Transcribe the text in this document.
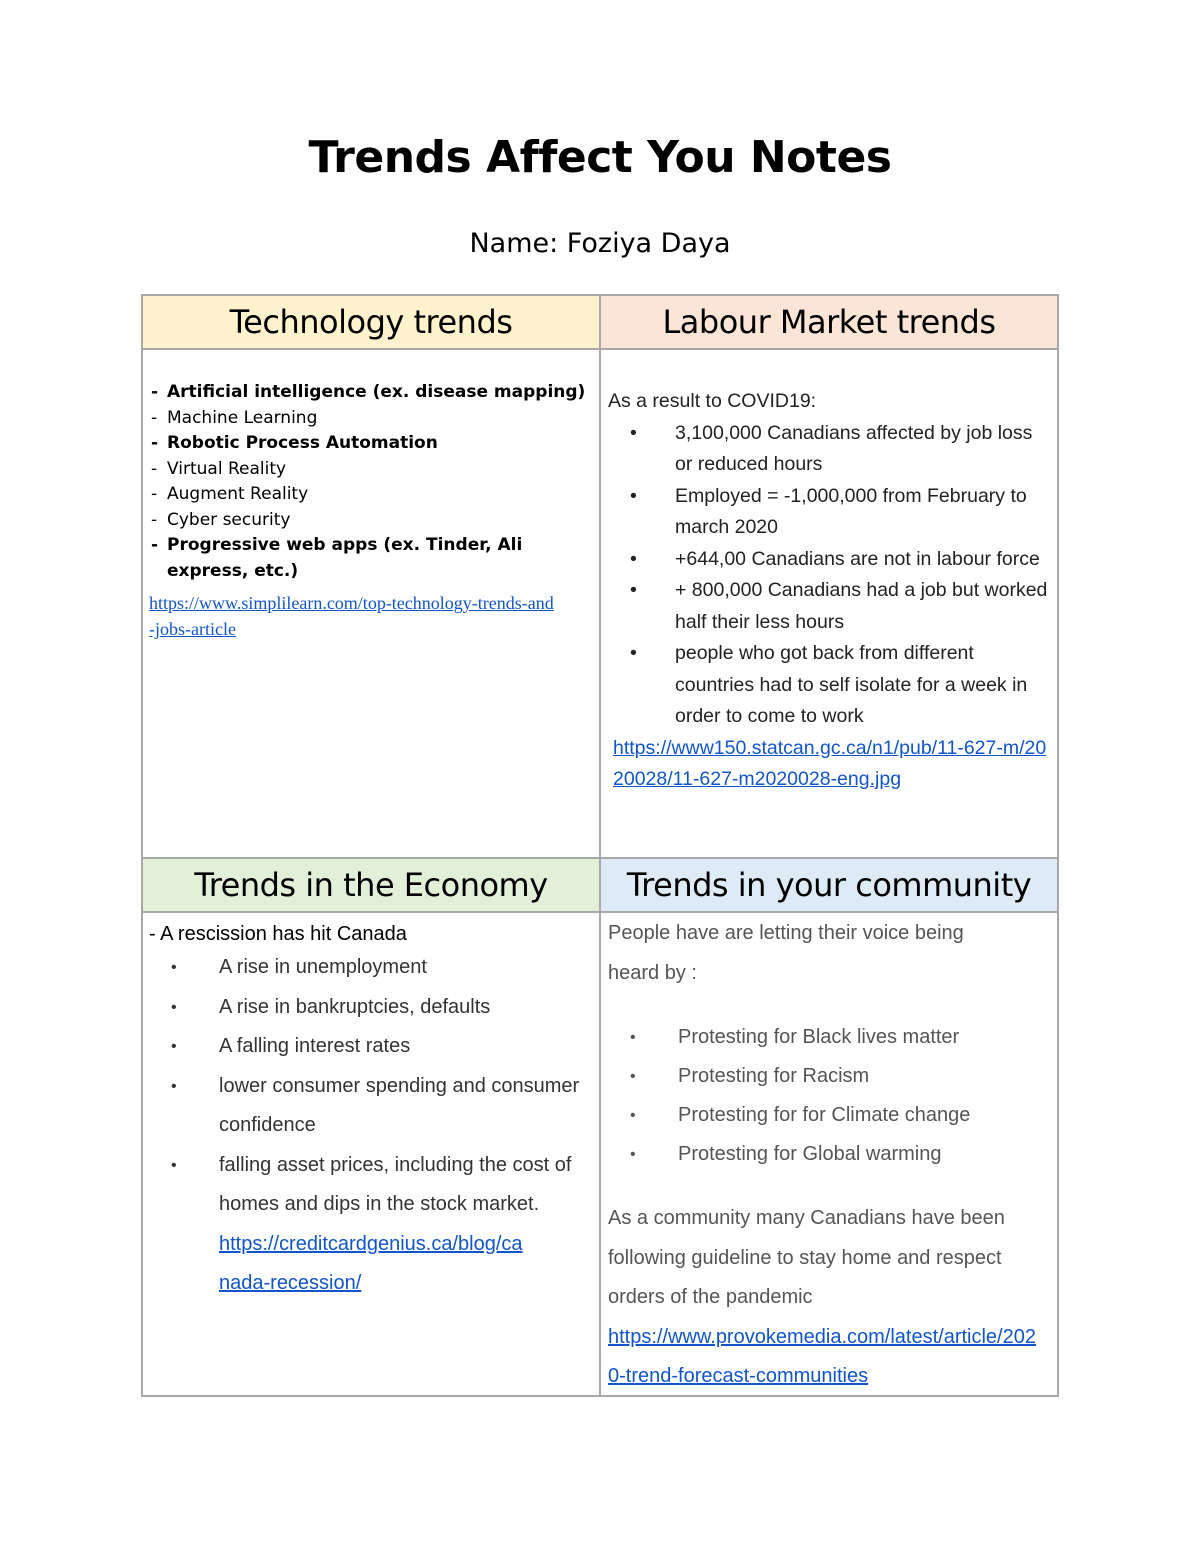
Trends Affect You Notes
Name: Foziya Daya
Technology trends	Labour Market trends
Trends in the Economy	Trends in your community
- Artificial intelligence (ex. disease mapping)
- Machine Learning
- Robotic Process Automation
- Virtual Reality
- Augment Reality
- Cyber security
- Progressive web apps (ex. Tinder, Ali express, etc.)
https://www.simplilearn.com/top-technology-trends-and-jobs-article
As a result to COVID19:
• 3,100,000 Canadians affected by job loss or reduced hours
• Employed = -1,000,000 from February to march 2020
• +644,00 Canadians are not in labour force
• + 800,000 Canadians had a job but worked half their less hours
• people who got back from different countries had to self isolate for a week in order to come to work
https://www150.statcan.gc.ca/n1/pub/11-627-m/2020028/11-627-m2020028-eng.jpg
- A rescission has hit Canada
• A rise in unemployment
• A rise in bankruptcies, defaults
• A falling interest rates
• lower consumer spending and consumer confidence
• falling asset prices, including the cost of homes and dips in the stock market.
https://creditcardgenius.ca/blog/canada-recession/
People have are letting their voice being heard by :
• Protesting for Black lives matter
• Protesting for Racism
• Protesting for for Climate change
• Protesting for Global warming
As a community many Canadians have been following guideline to stay home and respect orders of the pandemic
https://www.provokemedia.com/latest/article/2020-trend-forecast-communities
